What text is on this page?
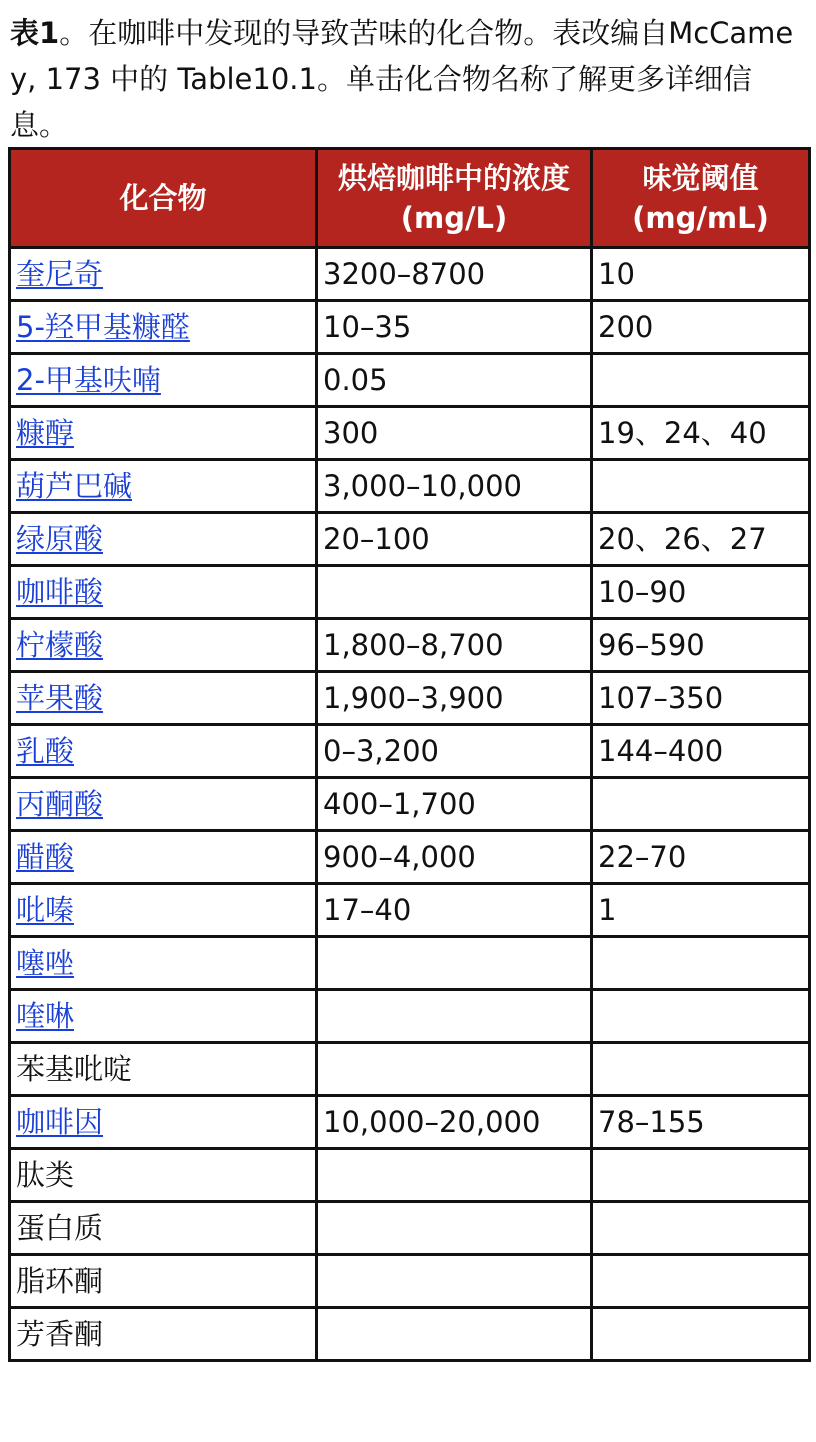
表1。在咖啡中发现的导致苦味的化合物。表改编自McCamey, 173 中的 Table10.1。单击化合物名称了解更多详细信息。

化合物	烘焙咖啡中的浓度 (mg/L)	味觉阈值 (mg/mL)
奎尼奇	3200–8700	10
5-羟甲基糠醛	10–35	200
2-甲基呋喃	0.05	
糠醇	300	19、24、40
葫芦巴碱	3,000–10,000	
绿原酸	20–100	20、26、27
咖啡酸		10–90
柠檬酸	1,800–8,700	96–590
苹果酸	1,900–3,900	107–350
乳酸	0–3,200	144–400
丙酮酸	400–1,700	
醋酸	900–4,000	22–70
吡嗪	17–40	1
噻唑		
喹啉		
苯基吡啶		
咖啡因	10,000–20,000	78–155
肽类		
蛋白质		
脂环酮		
芳香酮		
